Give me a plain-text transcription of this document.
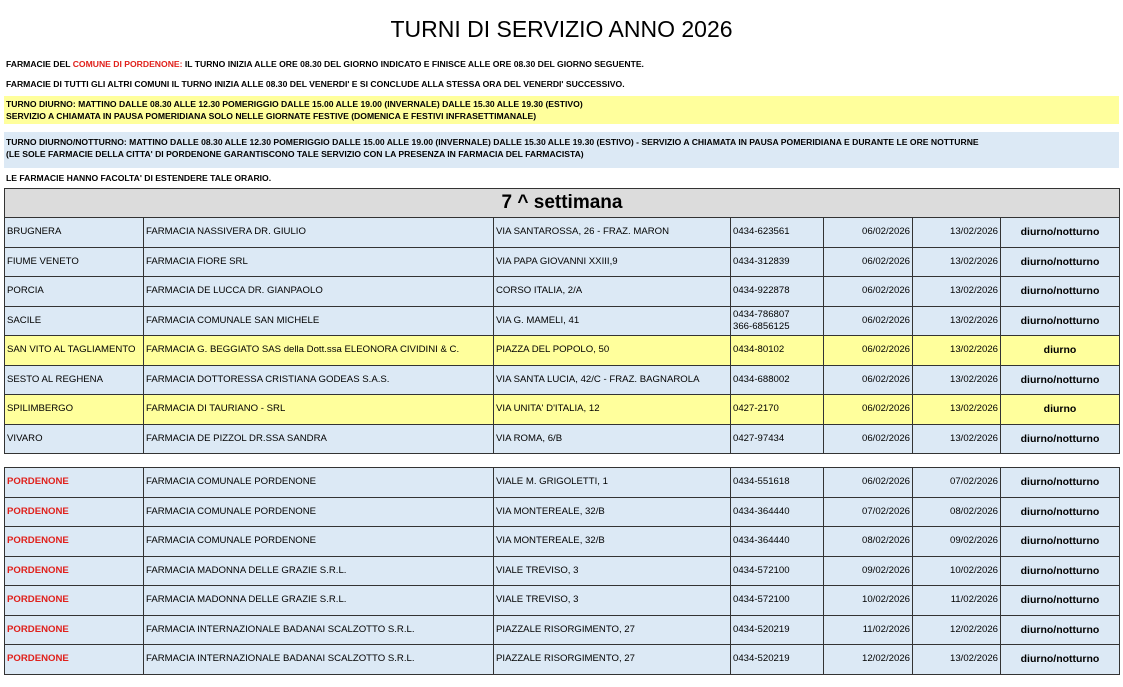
TURNI DI SERVIZIO ANNO 2026
FARMACIE DEL COMUNE DI PORDENONE: IL TURNO INIZIA ALLE ORE 08.30 DEL GIORNO INDICATO E FINISCE ALLE ORE 08.30 DEL GIORNO SEGUENTE.
FARMACIE DI TUTTI GLI ALTRI COMUNI IL TURNO INIZIA ALLE 08.30 DEL VENERDI' E SI CONCLUDE ALLA STESSA ORA DEL VENERDI' SUCCESSIVO.
TURNO DIURNO: MATTINO DALLE 08.30 ALLE 12.30 POMERIGGIO DALLE 15.00 ALLE 19.00 (INVERNALE) DALLE 15.30 ALLE 19.30 (ESTIVO)
SERVIZIO A CHIAMATA IN PAUSA POMERIDIANA SOLO NELLE GIORNATE FESTIVE (DOMENICA E FESTIVI INFRASETTIMANALE)
TURNO DIURNO/NOTTURNO: MATTINO DALLE 08.30 ALLE 12.30 POMERIGGIO DALLE 15.00 ALLE 19.00 (INVERNALE) DALLE 15.30 ALLE 19.30 (ESTIVO) - SERVIZIO A CHIAMATA IN PAUSA POMERIDIANA E DURANTE LE ORE NOTTURNE
(LE SOLE FARMACIE DELLA CITTA' DI PORDENONE GARANTISCONO TALE SERVIZIO CON LA PRESENZA IN FARMACIA DEL FARMACISTA)
LE FARMACIE HANNO FACOLTA' DI ESTENDERE TALE ORARIO.
7 ^ settimana						
BRUGNERA	FARMACIA NASSIVERA DR. GIULIO	VIA SANTAROSSA, 26 - FRAZ. MARON	0434-623561	06/02/2026	13/02/2026	diurno/notturno
FIUME VENETO	FARMACIA FIORE SRL	VIA PAPA GIOVANNI XXIII,9	0434-312839	06/02/2026	13/02/2026	diurno/notturno
PORCIA	FARMACIA DE LUCCA DR. GIANPAOLO	CORSO ITALIA, 2/A	0434-922878	06/02/2026	13/02/2026	diurno/notturno
SACILE	FARMACIA COMUNALE SAN MICHELE	VIA G. MAMELI, 41	0434-786807
366-6856125	06/02/2026	13/02/2026	diurno/notturno
SAN VITO AL TAGLIAMENTO	FARMACIA G. BEGGIATO SAS della Dott.ssa ELEONORA CIVIDINI & C.	PIAZZA DEL POPOLO, 50	0434-80102	06/02/2026	13/02/2026	diurno
SESTO AL REGHENA	FARMACIA DOTTORESSA CRISTIANA GODEAS S.A.S.	VIA SANTA LUCIA, 42/C - FRAZ. BAGNAROLA	0434-688002	06/02/2026	13/02/2026	diurno/notturno
SPILIMBERGO	FARMACIA DI TAURIANO - SRL	VIA UNITA' D'ITALIA, 12	0427-2170	06/02/2026	13/02/2026	diurno
VIVARO	FARMACIA DE PIZZOL DR.SSA SANDRA	VIA ROMA, 6/B	0427-97434	06/02/2026	13/02/2026	diurno/notturno
PORDENONE	FARMACIA COMUNALE PORDENONE	VIALE M. GRIGOLETTI, 1	0434-551618	06/02/2026	07/02/2026	diurno/notturno
PORDENONE	FARMACIA COMUNALE PORDENONE	VIA MONTEREALE, 32/B	0434-364440	07/02/2026	08/02/2026	diurno/notturno
PORDENONE	FARMACIA COMUNALE PORDENONE	VIA MONTEREALE, 32/B	0434-364440	08/02/2026	09/02/2026	diurno/notturno
PORDENONE	FARMACIA MADONNA DELLE GRAZIE S.R.L.	VIALE TREVISO, 3	0434-572100	09/02/2026	10/02/2026	diurno/notturno
PORDENONE	FARMACIA MADONNA DELLE GRAZIE S.R.L.	VIALE TREVISO, 3	0434-572100	10/02/2026	11/02/2026	diurno/notturno
PORDENONE	FARMACIA INTERNAZIONALE BADANAI SCALZOTTO S.R.L.	PIAZZALE RISORGIMENTO, 27	0434-520219	11/02/2026	12/02/2026	diurno/notturno
PORDENONE	FARMACIA INTERNAZIONALE BADANAI SCALZOTTO S.R.L.	PIAZZALE RISORGIMENTO, 27	0434-520219	12/02/2026	13/02/2026	diurno/notturno
